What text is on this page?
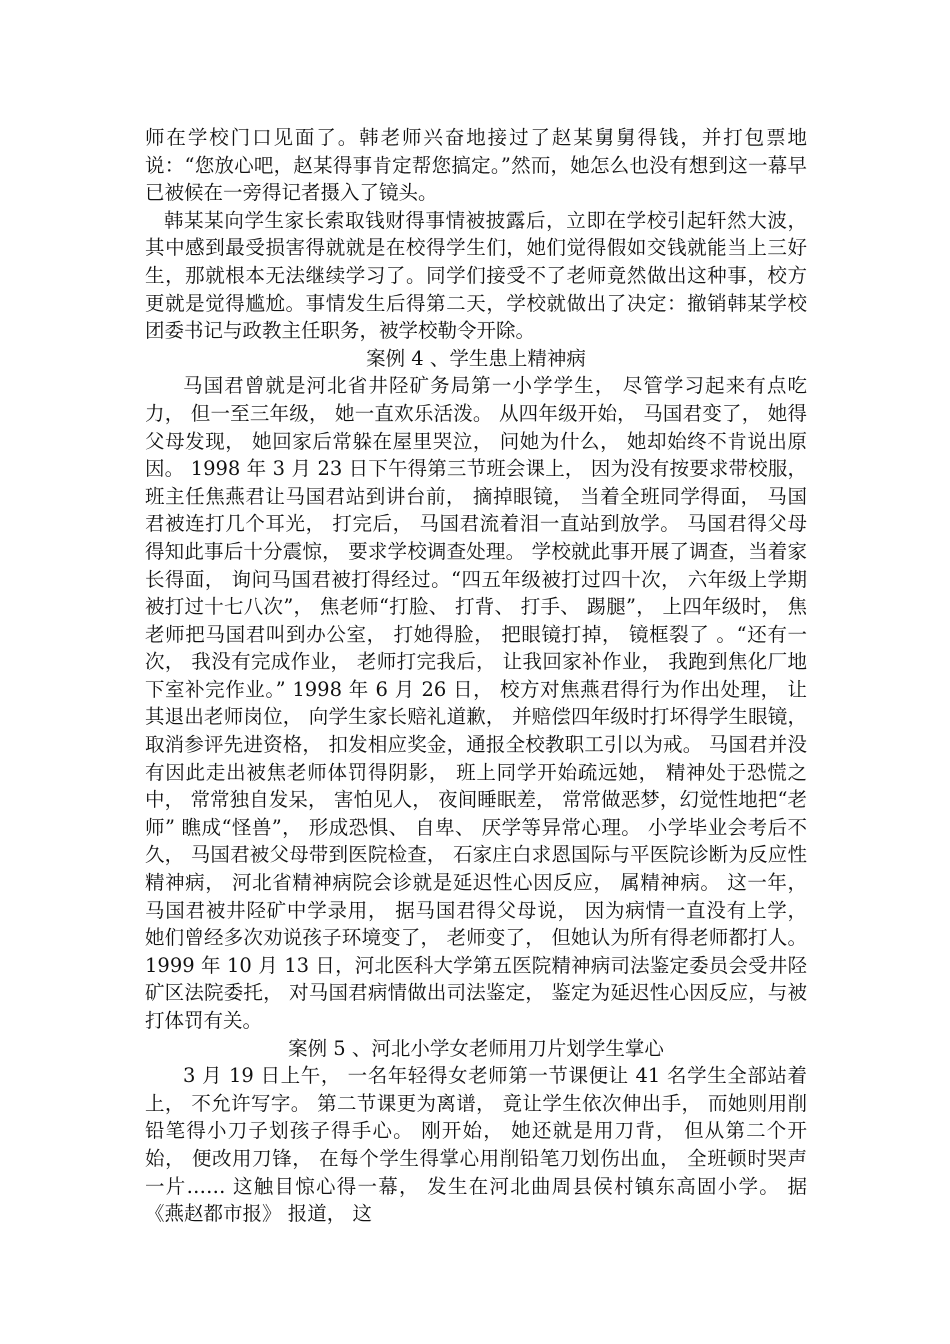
师在学校门口见面了。韩老师兴奋地接过了赵某舅舅得钱，并打包票地说：“您放心吧，赵某得事肯定帮您搞定。”然而，她怎么也没有想到这一幕早已被候在一旁得记者摄入了镜头。

韩某某向学生家长索取钱财得事情被披露后，立即在学校引起轩然大波，其中感到最受损害得就就是在校得学生们，她们觉得假如交钱就能当上三好生，那就根本无法继续学习了。同学们接受不了老师竟然做出这种事，校方更就是觉得尴尬。事情发生后得第二天，学校就做出了决定：撤销韩某学校团委书记与政教主任职务，被学校勒令开除。

案例 4 、学生患上精神病

马国君曾就是河北省井陉矿务局第一小学学生， 尽管学习起来有点吃力， 但一至三年级， 她一直欢乐活泼。 从四年级开始， 马国君变了， 她得父母发现， 她回家后常躲在屋里哭泣， 问她为什么， 她却始终不肯说出原因。 1998 年 3 月 23 日下午得第三节班会课上， 因为没有按要求带校服， 班主任焦燕君让马国君站到讲台前， 摘掉眼镜， 当着全班同学得面， 马国君被连打几个耳光， 打完后， 马国君流着泪一直站到放学。 马国君得父母得知此事后十分震惊， 要求学校调查处理。 学校就此事开展了调查，当着家长得面， 询问马国君被打得经过。“四五年级被打过四十次， 六年级上学期被打过十七八次”， 焦老师“打脸、 打背、 打手、 踢腿”， 上四年级时， 焦老师把马国君叫到办公室， 打她得脸， 把眼镜打掉， 镜框裂了 。“还有一次， 我没有完成作业， 老师打完我后， 让我回家补作业， 我跑到焦化厂地下室补完作业。” 1998 年 6 月 26 日， 校方对焦燕君得行为作出处理， 让其退出老师岗位， 向学生家长赔礼道歉， 并赔偿四年级时打坏得学生眼镜， 取消参评先进资格， 扣发相应奖金，通报全校教职工引以为戒。 马国君并没有因此走出被焦老师体罚得阴影， 班上同学开始疏远她， 精神处于恐慌之中， 常常独自发呆， 害怕见人， 夜间睡眠差， 常常做恶梦，幻觉性地把“老师” 瞧成“怪兽”， 形成恐惧、 自卑、 厌学等异常心理。 小学毕业会考后不久， 马国君被父母带到医院检查， 石家庄白求恩国际与平医院诊断为反应性精神病， 河北省精神病院会诊就是延迟性心因反应， 属精神病。 这一年，马国君被井陉矿中学录用， 据马国君得父母说， 因为病情一直没有上学， 她们曾经多次劝说孩子环境变了， 老师变了， 但她认为所有得老师都打人。 1999 年 10 月 13 日，河北医科大学第五医院精神病司法鉴定委员会受井陉矿区法院委托， 对马国君病情做出司法鉴定， 鉴定为延迟性心因反应，与被打体罚有关。

案例 5 、河北小学女老师用刀片划学生掌心

3 月 19 日上午， 一名年轻得女老师第一节课便让 41 名学生全部站着上， 不允许写字。 第二节课更为离谱， 竟让学生依次伸出手， 而她则用削铅笔得小刀子划孩子得手心。 刚开始， 她还就是用刀背， 但从第二个开始， 便改用刀锋， 在每个学生得掌心用削铅笔刀划伤出血， 全班顿时哭声一片…… 这触目惊心得一幕， 发生在河北曲周县侯村镇东高固小学。 据《燕赵都市报》 报道， 这
